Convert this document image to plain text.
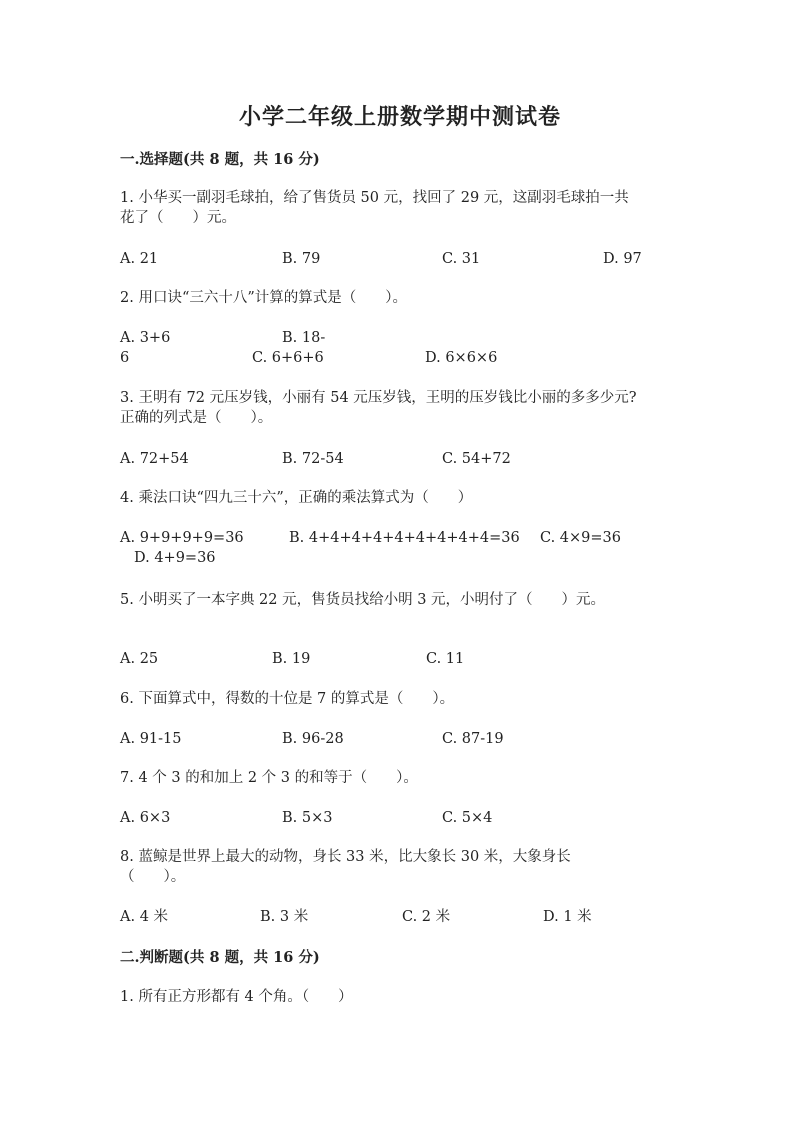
小学二年级上册数学期中测试卷
一.选择题(共 8 题，共 16 分)
1. 小华买一副羽毛球拍，给了售货员 50 元，找回了 29 元，这副羽毛球拍一共
花了（　　）元。
A. 21	B. 79	C. 31	D. 97
2. 用口诀“三六十八”计算的算式是（　　）。
A. 3+6	B. 18-
6	C. 6+6+6	D. 6×6×6
3. 王明有 72 元压岁钱，小丽有 54 元压岁钱，王明的压岁钱比小丽的多多少元?
正确的列式是（　　）。
A. 72+54	B. 72-54	C. 54+72
4. 乘法口诀“四九三十六”，正确的乘法算式为（　　）
A. 9+9+9+9=36	B. 4+4+4+4+4+4+4+4+4=36 C. 4×9=36
D. 4+9=36
5. 小明买了一本字典 22 元，售货员找给小明 3 元，小明付了（　　）元。
A. 25	B. 19	C. 11
6. 下面算式中，得数的十位是 7 的算式是（　　）。
A. 91-15	B. 96-28	C. 87-19
7. 4 个 3 的和加上 2 个 3 的和等于（　　）。
A. 6×3	B. 5×3	C. 5×4
8. 蓝鲸是世界上最大的动物，身长 33 米，比大象长 30 米，大象身长
（　　）。
A. 4 米	B. 3 米	C. 2 米	D. 1 米
二.判断题(共 8 题，共 16 分)
1. 所有正方形都有 4 个角。（　　）
